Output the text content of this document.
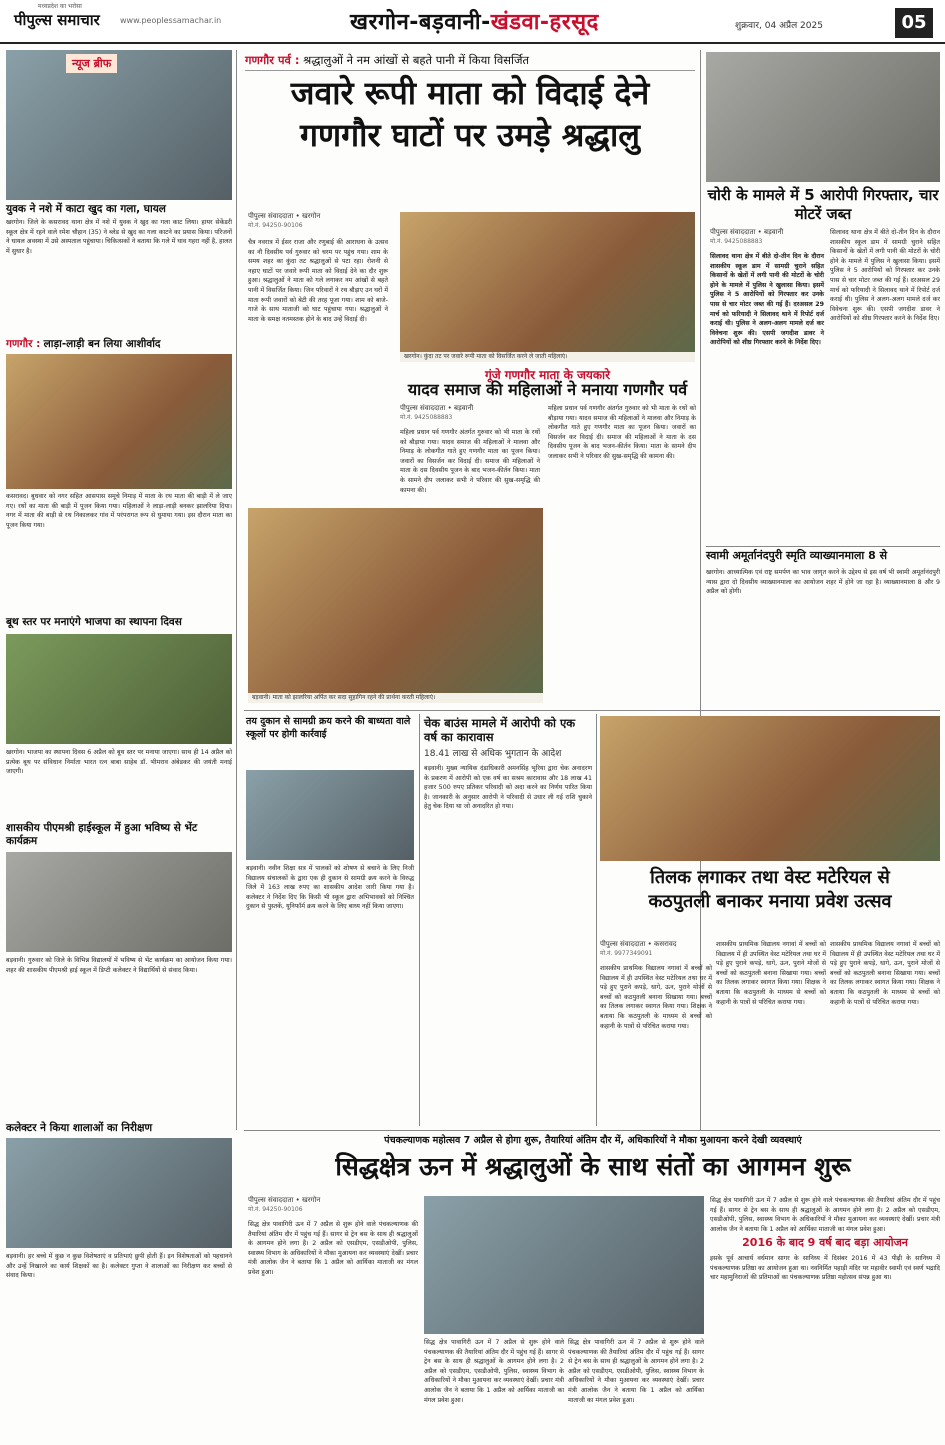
मध्यप्रदेश का भरोसा
पीपुल्स समाचार	www.peoplessamachar.in	खरगोन-बड़वानी-खंडवा-हरसूद	शुक्रवार, 04 अप्रैल 2025	05
न्यूज ब्रीफ
युवक ने नशे में काटा खुद का गला, घायल
खरगोन। जिले के कसरावद थाना क्षेत्र में नशे में युवक ने खुद का गला काट लिया। हायर सेकेंडरी स्कूल क्षेत्र में रहने वाले रमेश चौहान (35) ने ब्लेड से खुद का गला काटने का प्रयास किया। परिजनों ने घायल अवस्था में उसे अस्पताल पहुंचाया। चिकित्सकों ने बताया कि गले में घाव गहरा नहीं है, हालत में सुधार है।
गणगौर : लाड़ा-लाड़ी बन लिया आशीर्वाद
कसरावद। बुधवार को नगर सहित आसपास समूचे निमाड़ में माता के रथ माता की बाड़ी में ले जाए गए। रथों का माता की बाड़ी में पूजन किया गया। महिलाओं ने लाड़ा-लाड़ी बनकर झालरिया दिया। नगर में माता की बाड़ी से रथ निकालकर गांव में परंपरागत रूप से घुमाया गया। इस दौरान माता का पूजन किया गया।
बूथ स्तर पर मनाएंगे भाजपा का स्थापना दिवस
खरगोन। भाजपा का स्थापना दिवस 6 अप्रैल को बूथ स्तर पर मनाया जाएगा। साथ ही 14 अप्रैल को प्रत्येक बूथ पर संविधान निर्माता भारत रत्न बाबा साहेब डॉ. भीमराव अंबेडकर की जयंती मनाई जाएगी।
शासकीय पीएमश्री हाईस्कूल में हुआ भविष्य से भेंट कार्यक्रम
बड़वानी। गुरुवार को जिले के विभिन्न विद्यालयों में भविष्य से भेंट कार्यक्रम का आयोजन किया गया। शहर की शासकीय पीएमश्री हाई स्कूल में डिप्टी कलेक्टर ने विद्यार्थियों से संवाद किया।
कलेक्टर ने किया शालाओं का निरीक्षण
बड़वानी। हर बच्चे में कुछ न कुछ विशेषताएं व प्रतिभाएं छुपी होती हैं। इन विशेषताओं को पहचानने और उन्हें निखारने का कार्य शिक्षकों का है। कलेक्टर गुप्ता ने शालाओं का निरीक्षण कर बच्चों से संवाद किया।
गणगौर पर्व : श्रद्धालुओं ने नम आंखों से बहते पानी में किया विसर्जित
जवारे रूपी माता को विदाई देने
गणगौर घाटों पर उमड़े श्रद्धालु
पीपुल्स संवाददाता • खरगोन
मो.नं. 94250-90106
चैत्र नवरात्र में ईसर राजा और रणुबाई की आराधना के उत्सव का नौ दिवसीय पर्व गुरुवार को चरम पर पहुंच गया। शाम के समय शहर का कुंदा तट श्रद्धालुओं से पटा रहा। रोशनी से नहाए घाटों पर जवारे रूपी माता को विदाई देने का दौर शुरू हुआ। श्रद्धालुओं ने माता को गले लगाकर नम आंखों से बहते पानी में विसर्जित किया। जिन परिवारों ने रथ बौड़ाए उन घरों में माता रूपी जवारों को बेटी की तरह पूजा गया। शाम को बाजे-गाजे के साथ माताजी को घाट पहुंचाया गया। श्रद्धालुओं ने माता के समक्ष नतमस्तक होने के बाद उन्हें विदाई दी।
खरगोन। कुंदा तट पर जवारे रूपी माता को विसर्जित करने ले जाती महिलाएं।
गूंजे गणगौर माता के जयकारे
यादव समाज की महिलाओं ने मनाया गणगौर पर्व
पीपुल्स संवाददाता • बड़वानी
मो.नं. 9425088883
महिला प्रधान पर्व गणगौर अंतर्गत गुरुवार को भी माता के रथों को बौड़ाया गया। यादव समाज की महिलाओं ने मालवा और निमाड़ के लोकगीत गाते हुए गणगौर माता का पूजन किया। जवारों का विसर्जन कर विदाई दी। समाज की महिलाओं ने माता के दस दिवसीय पूजन के बाद भजन-कीर्तन किया। माता के सामने दीप जलाकर सभी ने परिवार की सुख-समृद्धि की कामना की।
महिला प्रधान पर्व गणगौर अंतर्गत गुरुवार को भी माता के रथों को बौड़ाया गया। यादव समाज की महिलाओं ने मालवा और निमाड़ के लोकगीत गाते हुए गणगौर माता का पूजन किया। जवारों का विसर्जन कर विदाई दी। समाज की महिलाओं ने माता के दस दिवसीय पूजन के बाद भजन-कीर्तन किया। माता के सामने दीप जलाकर सभी ने परिवार की सुख-समृद्धि की कामना की।
बड़वानी। माता को झालरिया अर्पित कर सदा सुहागिन रहने की प्रार्थना करती महिलाएं।
चोरी के मामले में 5 आरोपी गिरफ्तार, चार मोटरें जब्त
पीपुल्स संवाददाता • बड़वानी
मो.नं. 9425088883
सिलावद थाना क्षेत्र में बीते दो-तीन दिन के दौरान शासकीय स्कूल डाम में सामग्री चुराने सहित किसानों के खेतों में लगी पानी की मोटरों के चोरी होने के मामले में पुलिस ने खुलासा किया। इसमें पुलिस ने 5 आरोपियों को गिरफ्तार कर उनके पास से चार मोटर जब्त की गई हैं। दरअसल 29 मार्च को फरियादी ने सिलावद थाने में रिपोर्ट दर्ज कराई थी। पुलिस ने अलग-अलग मामले दर्ज कर विवेचना शुरू की। एसपी जगदीश डावर ने आरोपियों को शीघ्र गिरफ्तार करने के निर्देश दिए।
सिलावद थाना क्षेत्र में बीते दो-तीन दिन के दौरान शासकीय स्कूल डाम में सामग्री चुराने सहित किसानों के खेतों में लगी पानी की मोटरों के चोरी होने के मामले में पुलिस ने खुलासा किया। इसमें पुलिस ने 5 आरोपियों को गिरफ्तार कर उनके पास से चार मोटर जब्त की गई हैं। दरअसल 29 मार्च को फरियादी ने सिलावद थाने में रिपोर्ट दर्ज कराई थी। पुलिस ने अलग-अलग मामले दर्ज कर विवेचना शुरू की। एसपी जगदीश डावर ने आरोपियों को शीघ्र गिरफ्तार करने के निर्देश दिए।
स्वामी अमूर्तानंदपुरी स्मृति व्याख्यानमाला 8 से
खरगोन। आध्यात्मिक एवं राष्ट्र समर्पण का भाव जागृत करने के उद्देश्य से इस वर्ष भी स्वामी अमूर्तानंदपुरी न्यास द्वारा दो दिवसीय व्याख्यानमाला का आयोजन शहर में होने जा रहा है। व्याख्यानमाला 8 और 9 अप्रैल को होगी।
तय दुकान से सामग्री क्रय करने की बाध्यता वाले स्कूलों पर होगी कार्रवाई
बड़वानी। नवीन शिक्षा सत्र में पालकों को शोषण से बचाने के लिए निजी विद्यालय संचालकों के द्वारा एक ही दुकान से सामग्री क्रय करने के विरुद्ध जिले में 163 लाख रुपए का शासकीय आदेश जारी किया गया है। कलेक्टर ने निर्देश दिए कि किसी भी स्कूल द्वारा अभिभावकों को निश्चित दुकान से पुस्तकें, यूनिफॉर्म क्रय करने के लिए बाध्य नहीं किया जाएगा।
चेक बाउंस मामले में आरोपी को एक वर्ष का कारावास
18.41 लाख से अधिक भुगतान के आदेश
बड़वानी। मुख्य न्यायिक दंडाधिकारी अमनसिंह भूरिया द्वारा चेक अनादरण के प्रकरण में आरोपी को एक वर्ष का सश्रम कारावास और 18 लाख 41 हजार 500 रुपए प्रतिकर परिवादी को अदा करने का निर्णय पारित किया है। जानकारी के अनुसार आरोपी ने परिवादी से उधार ली गई राशि चुकाने हेतु चेक दिया था जो अनादरित हो गया।
तिलक लगाकर तथा वेस्ट मटेरियल से
कठपुतली बनाकर मनाया प्रवेश उत्सव
पीपुल्स संवाददाता • कसरावद
मो.नं. 9977349091
शासकीय प्राथमिक विद्यालय नगावां में बच्चों को विद्यालय में ही उपस्थित वेस्ट मटेरियल तथा घर में पड़े हुए पुराने कपड़े, धागे, ऊन, पुराने मोजों से बच्चों को कठपुतली बनाना सिखाया गया। बच्चों का तिलक लगाकर स्वागत किया गया। शिक्षक ने बताया कि कठपुतली के माध्यम से बच्चों को कहानी के पात्रों से परिचित कराया गया।
शासकीय प्राथमिक विद्यालय नगावां में बच्चों को विद्यालय में ही उपस्थित वेस्ट मटेरियल तथा घर में पड़े हुए पुराने कपड़े, धागे, ऊन, पुराने मोजों से बच्चों को कठपुतली बनाना सिखाया गया। बच्चों का तिलक लगाकर स्वागत किया गया। शिक्षक ने बताया कि कठपुतली के माध्यम से बच्चों को कहानी के पात्रों से परिचित कराया गया।
शासकीय प्राथमिक विद्यालय नगावां में बच्चों को विद्यालय में ही उपस्थित वेस्ट मटेरियल तथा घर में पड़े हुए पुराने कपड़े, धागे, ऊन, पुराने मोजों से बच्चों को कठपुतली बनाना सिखाया गया। बच्चों का तिलक लगाकर स्वागत किया गया। शिक्षक ने बताया कि कठपुतली के माध्यम से बच्चों को कहानी के पात्रों से परिचित कराया गया।
पंचकल्याणक महोत्सव 7 अप्रैल से होगा शुरू, तैयारियां अंतिम दौर में, अधिकारियों ने मौका मुआयना करने देखी व्यवस्थाएं
सिद्धक्षेत्र ऊन में श्रद्धालुओं के साथ संतों का आगमन शुरू
पीपुल्स संवाददाता • खरगोन
मो.नं. 94250-90106
सिद्ध क्षेत्र पावागिरी ऊन में 7 अप्रैल से शुरू होने वाले पंचकल्याणक की तैयारियां अंतिम दौर में पहुंच गई हैं। सागर से ट्रेन बस के साथ ही श्रद्धालुओं के आगमन होने लगा है। 2 अप्रैल को एसडीएम, एसडीओपी, पुलिस, स्वास्थ्य विभाग के अधिकारियों ने मौका मुआयना कर व्यवस्थाएं देखीं। प्रचार मंत्री आलोक जैन ने बताया कि 1 अप्रैल को आर्यिका माताजी का मंगल प्रवेश हुआ।
सिद्ध क्षेत्र पावागिरी ऊन में 7 अप्रैल से शुरू होने वाले पंचकल्याणक की तैयारियां अंतिम दौर में पहुंच गई हैं। सागर से ट्रेन बस के साथ ही श्रद्धालुओं के आगमन होने लगा है। 2 अप्रैल को एसडीएम, एसडीओपी, पुलिस, स्वास्थ्य विभाग के अधिकारियों ने मौका मुआयना कर व्यवस्थाएं देखीं। प्रचार मंत्री आलोक जैन ने बताया कि 1 अप्रैल को आर्यिका माताजी का मंगल प्रवेश हुआ।
सिद्ध क्षेत्र पावागिरी ऊन में 7 अप्रैल से शुरू होने वाले पंचकल्याणक की तैयारियां अंतिम दौर में पहुंच गई हैं। सागर से ट्रेन बस के साथ ही श्रद्धालुओं के आगमन होने लगा है। 2 अप्रैल को एसडीएम, एसडीओपी, पुलिस, स्वास्थ्य विभाग के अधिकारियों ने मौका मुआयना कर व्यवस्थाएं देखीं। प्रचार मंत्री आलोक जैन ने बताया कि 1 अप्रैल को आर्यिका माताजी का मंगल प्रवेश हुआ।
सिद्ध क्षेत्र पावागिरी ऊन में 7 अप्रैल से शुरू होने वाले पंचकल्याणक की तैयारियां अंतिम दौर में पहुंच गई हैं। सागर से ट्रेन बस के साथ ही श्रद्धालुओं के आगमन होने लगा है। 2 अप्रैल को एसडीएम, एसडीओपी, पुलिस, स्वास्थ्य विभाग के अधिकारियों ने मौका मुआयना कर व्यवस्थाएं देखीं। प्रचार मंत्री आलोक जैन ने बताया कि 1 अप्रैल को आर्यिका माताजी का मंगल प्रवेश हुआ।
2016 के बाद 9 वर्ष बाद बड़ा आयोजन
इसके पूर्व आचार्य वर्धमान सागर के सानिध्य में दिसंबर 2016 में 43 पीढ़ी के सानिध्य में पंचकल्याणक प्रतिष्ठा का आयोजन हुआ था। नवनिर्मित पहाड़ी मंदिर पर महावीर स्वामी एवं स्वर्ण भद्रादि चार महामुनिराजों की प्रतिमाओं का पंचकल्याणक प्रतिष्ठा महोत्सव संपन्न हुआ था।
